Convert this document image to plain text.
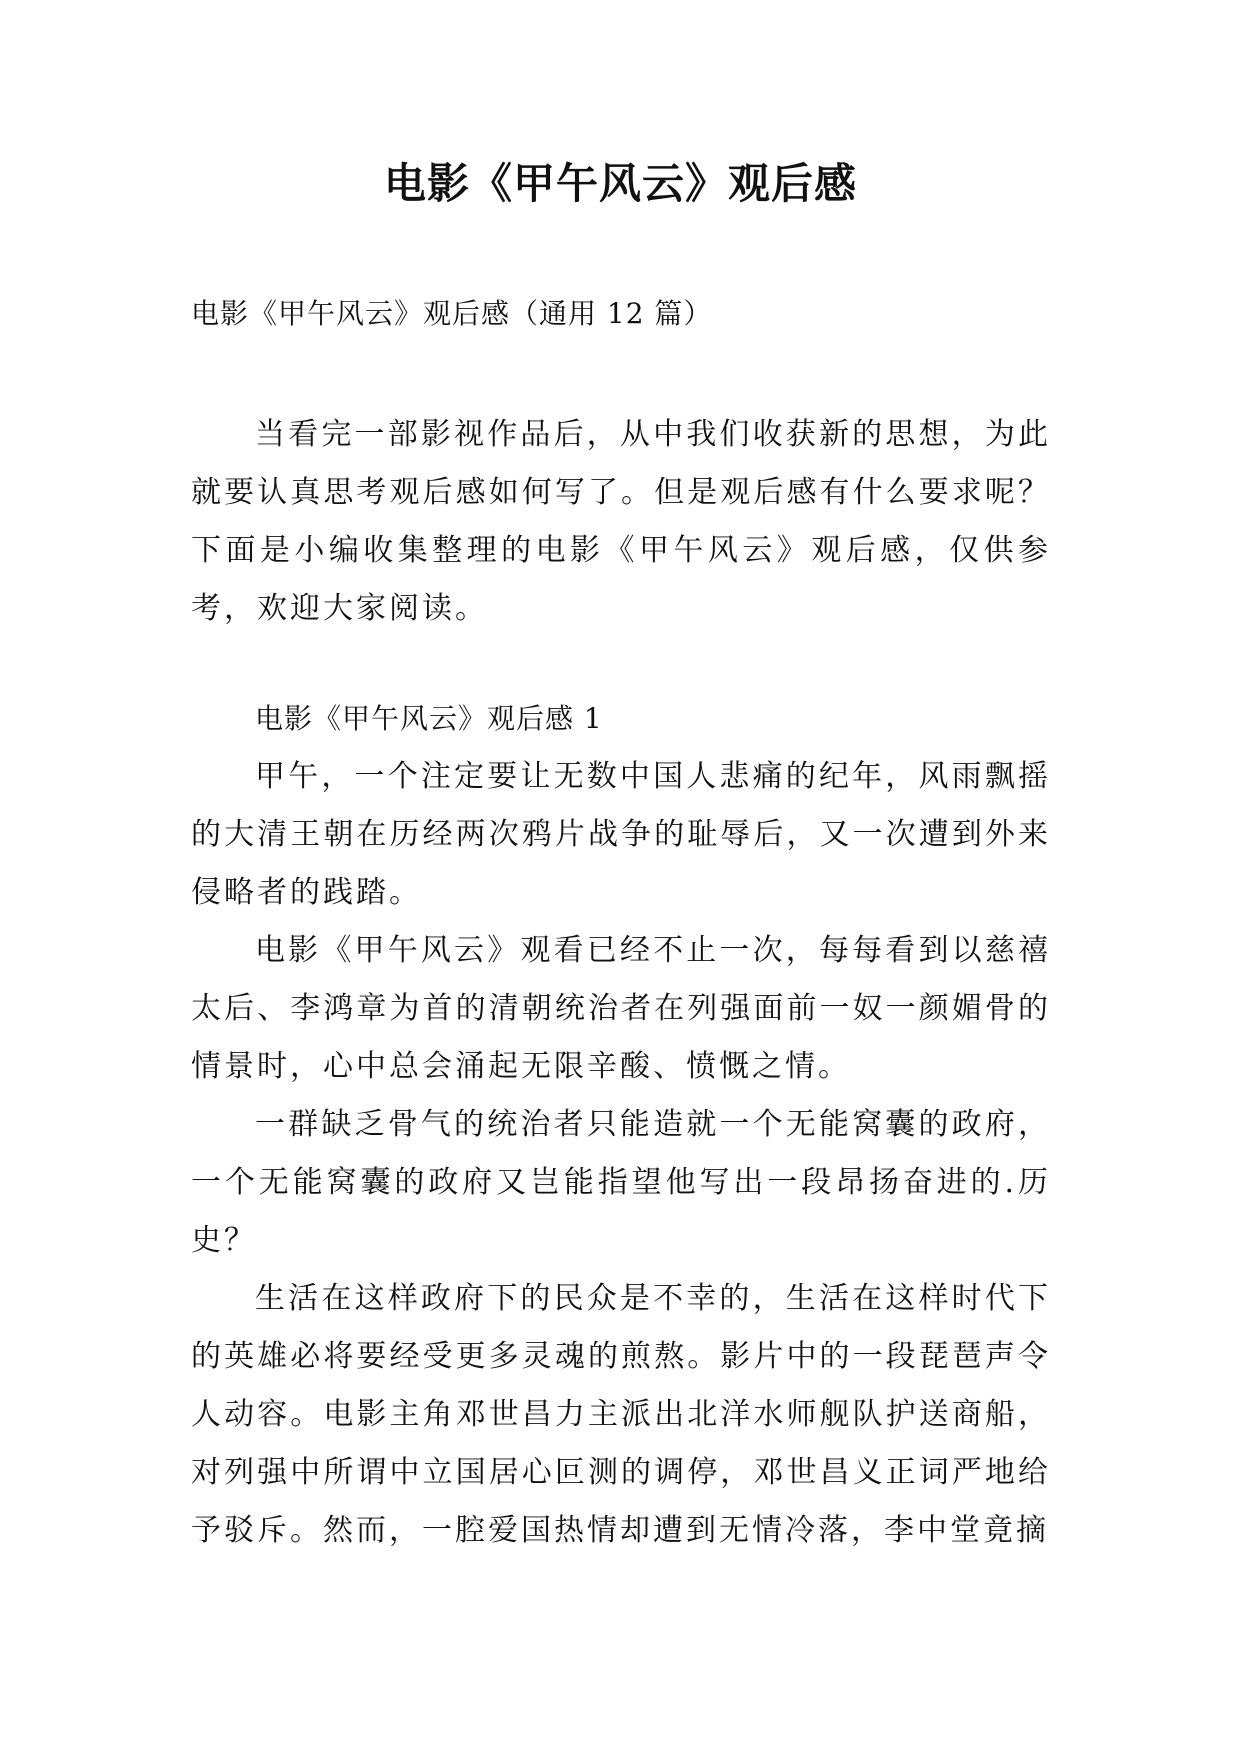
电影《甲午风云》观后感
电影《甲午风云》观后感（通用 12 篇）

当看完一部影视作品后，从中我们收获新的思想，为此就要认真思考观后感如何写了。但是观后感有什么要求呢？下面是小编收集整理的电影《甲午风云》观后感，仅供参考，欢迎大家阅读。

电影《甲午风云》观后感 1

甲午，一个注定要让无数中国人悲痛的纪年，风雨飘摇的大清王朝在历经两次鸦片战争的耻辱后，又一次遭到外来侵略者的践踏。

电影《甲午风云》观看已经不止一次，每每看到以慈禧太后、李鸿章为首的清朝统治者在列强面前一奴一颜媚骨的情景时，心中总会涌起无限辛酸、愤慨之情。

一群缺乏骨气的统治者只能造就一个无能窝囊的政府，一个无能窝囊的政府又岂能指望他写出一段昂扬奋进的.历史？

生活在这样政府下的民众是不幸的，生活在这样时代下的英雄必将要经受更多灵魂的煎熬。影片中的一段琵琶声令人动容。电影主角邓世昌力主派出北洋水师舰队护送商船，对列强中所谓中立国居心叵测的调停，邓世昌义正词严地给予驳斥。然而，一腔爱国热情却遭到无情冷落，李中堂竟摘
